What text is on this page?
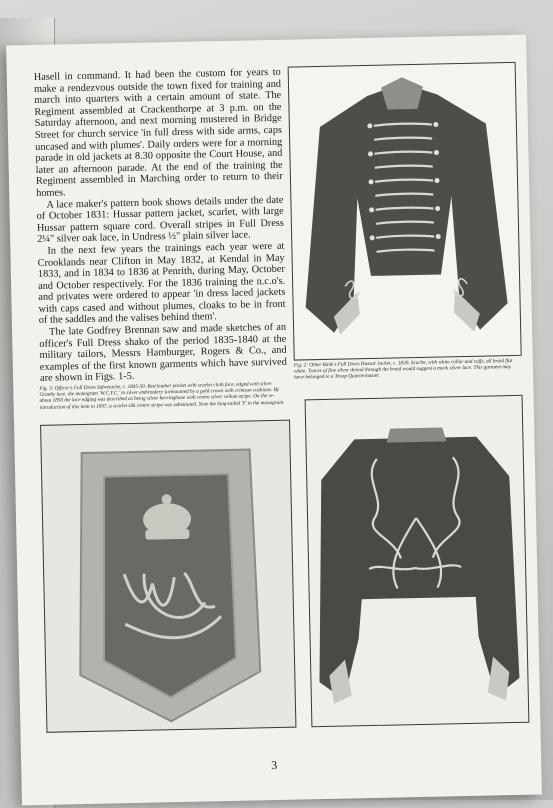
Hasell in command. It had been the custom for years to make a rendezvous outside the town fixed for training and march into quarters with a certain amount of state. The Regiment assembled at Crackenthorpe at 3 p.m. on the Saturday afternoon, and next morning mustered in Bridge Street for church service 'in full dress with side arms, caps uncased and with plumes'. Daily orders were for a morning parade in old jackets at 8.30 opposite the Court House, and later an afternoon parade. At the end of the training the Regiment assembled in Marching order to return to their homes.

A lace maker's pattern book shows details under the date of October 1831: Hussar pattern jacket, scarlet, with large Hussar pattern square cord. Overall stripes in Full Dress 2¼" silver oak lace, in Undress ½" plain silver lace.

In the next few years the trainings each year were at Crooklands near Clifton in May 1832, at Kendal in May 1833, and in 1834 to 1836 at Penrith, during May, October and October respectively. For the 1836 training the n.c.o's. and privates were ordered to appear 'in dress laced jackets with caps cased and without plumes, cloaks to be in front of the saddles and the valises behind them'.

The late Godfrey Brennan saw and made sketches of an officer's Full Dress shako of the period 1835-1840 at the military tailors, Messrs Hamburger, Rogers & Co., and examples of the first known garments which have survived are shown in Figs. 1-5.

Fig. 2: Other Rank's Full Dress Hussar Jacket, c. 1830. Scarlet, with white collar and cuffs, all braid flat white. Traces of fine silver thread through the braid would suggest a mock silver lace. This garment may have belonged to a Troop Quartermaster.
Fig. 3: Officer's Full Dress Sabretache, c. 1845-50. Red leather pocket with scarlet cloth face, edged with silver Granby lace, the monogram 'W.C.Y.C.' in silver embroidery surmounted by a gold crown with crimson cushions. By about 1850 the lace edging was described as being silver herringbone with centre silver vellum stripe. On the re-introduction of this item in 1897, a scarlet silk centre stripe was substituted. Note the long-tailed 'Y' in the monogram.
3
